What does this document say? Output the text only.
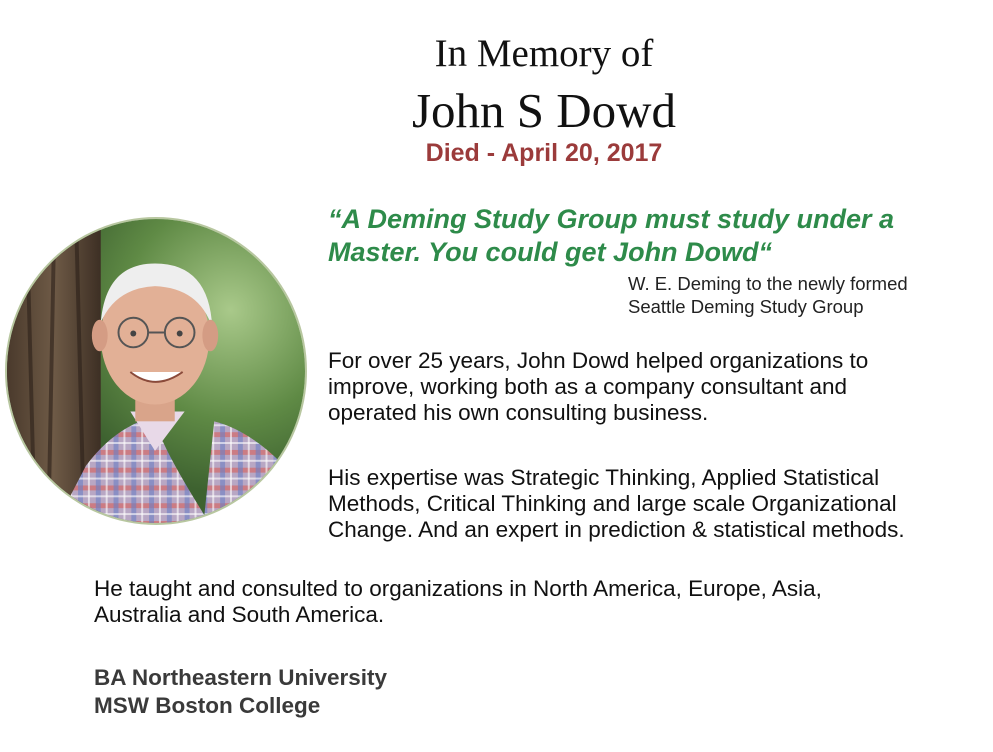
In Memory of
John S Dowd
Died - April 20, 2017
“A Deming Study Group must study under a
Master. You could get John Dowd“
W. E. Deming to the newly formed
Seattle Deming Study Group
For over 25 years, John Dowd helped organizations to
improve, working both as a company consultant and
operated his own consulting business.
His expertise was Strategic Thinking, Applied Statistical
Methods, Critical Thinking and large scale Organizational
Change. And an expert in prediction & statistical methods.
He taught and consulted to organizations in North America, Europe, Asia,
Australia and South America.
BA Northeastern University
MSW Boston College
